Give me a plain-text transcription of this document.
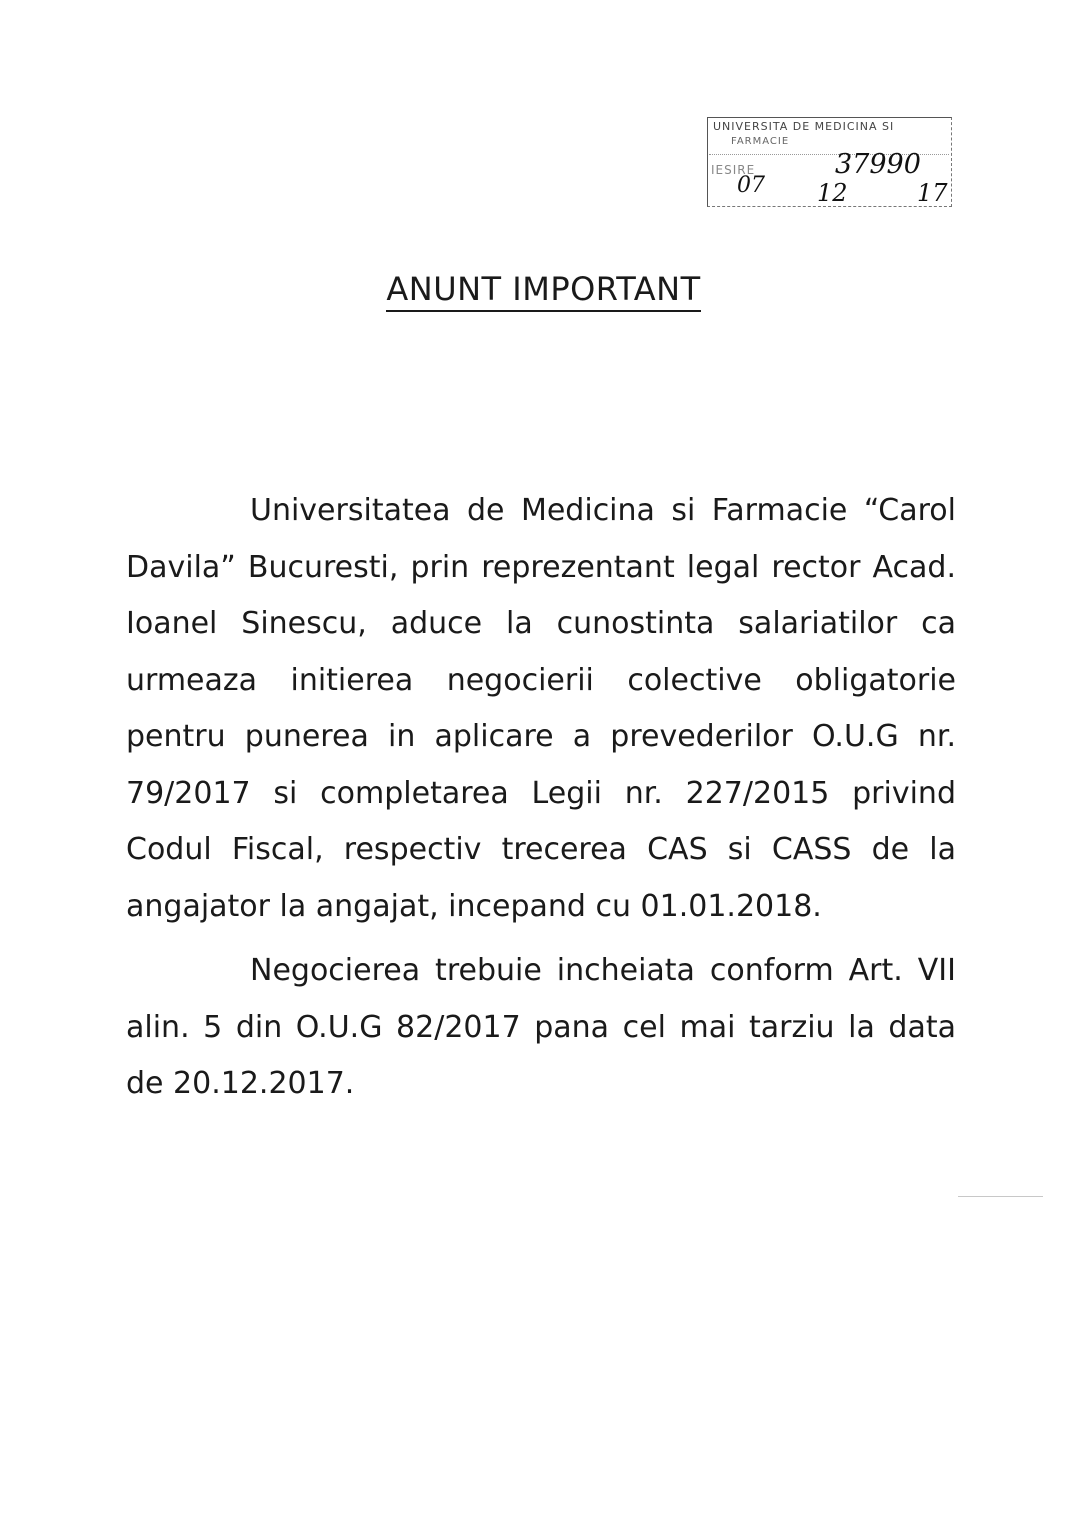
UNIVERSITA DE MEDICINA SI
FARMACIE
IESIRE
07 12
37990
17
ANUNT IMPORTANT

Universitatea de Medicina si Farmacie “Carol Davila” Bucuresti, prin reprezentant legal rector Acad. Ioanel Sinescu, aduce la cunostinta salariatilor ca urmeaza initierea negocierii colective obligatorie pentru punerea in aplicare a prevederilor O.U.G nr. 79/2017 si completarea Legii nr. 227/2015 privind Codul Fiscal, respectiv trecerea CAS si CASS de la angajator la angajat, incepand cu 01.01.2018.

Negocierea trebuie incheiata conform Art. VII alin. 5 din O.U.G 82/2017 pana cel mai tarziu la data de 20.12.2017.
